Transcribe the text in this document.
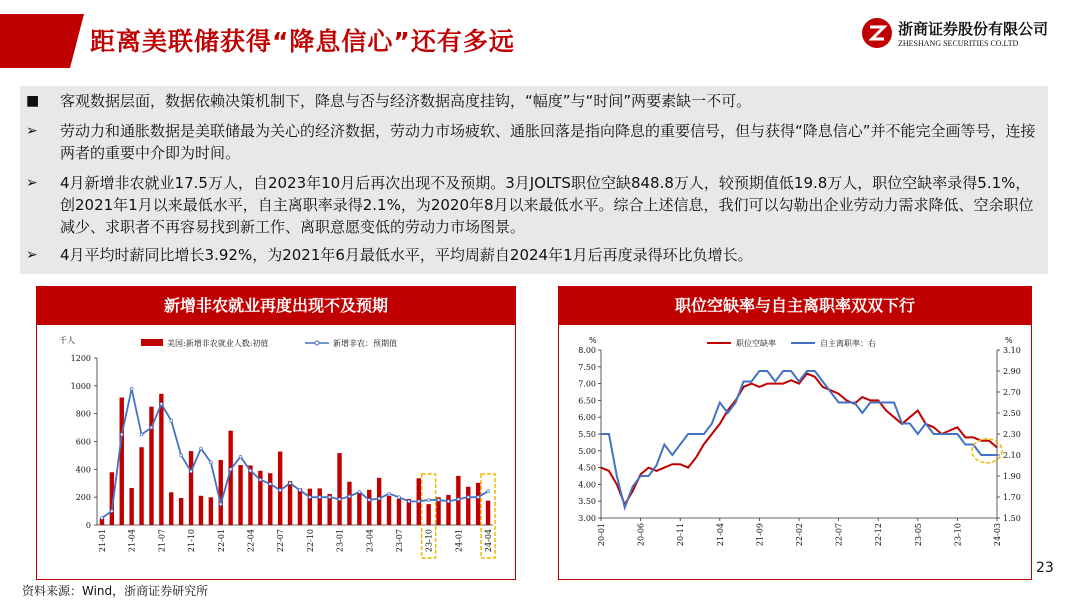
距离美联储获得“降息信心”还有多远	浙商证券股份有限公司
ZHESHANG SECURITIES CO.LTD
■	客观数据层面，数据依赖决策机制下，降息与否与经济数据高度挂钩，“幅度”与“时间”两要素缺一不可。
➢	劳动力和通胀数据是美联储最为关心的经济数据，劳动力市场疲软、通胀回落是指向降息的重要信号，但与获得“降息信心”并不能完全画等号，连接两者的重要中介即为时间。
➢	4月新增非农就业17.5万人，自2023年10月后再次出现不及预期。3月JOLTS职位空缺848.8万人，较预期值低19.8万人，职位空缺率录得5.1%，创2021年1月以来最低水平，自主离职率录得2.1%，为2020年8月以来最低水平。综合上述信息，我们可以勾勒出企业劳动力需求降低、空余职位减少、求职者不再容易找到新工作、离职意愿变低的劳动力市场图景。
➢	4月平均时薪同比增长3.92%，为2021年6月最低水平，平均周薪自2024年1月后再度录得环比负增长。
新增非农就业再度出现不及预期
千人	美国:新增非农就业人数:初值	新增非农：预期值
0
200
400
600
800
1000
1200
21-01	21-04	21-07	21-10	22-01	22-04	22-07	22-10	23-01	23-04	23-07	23-10	24-01	24-04
职位空缺率与自主离职率双双下行
%	%
职位空缺率	自主离职率：右
3.00
3.50
4.00
4.50
5.00
5.50
6.00
6.50
7.00
7.50
8.00
1.50
1.70
1.90
2.10
2.30
2.50
2.70
2.90
3.10
20-01	20-06	20-11	21-04	21-09	22-02	22-07	22-12	23-05	23-10	24-03
资料来源：Wind，浙商证券研究所
23
